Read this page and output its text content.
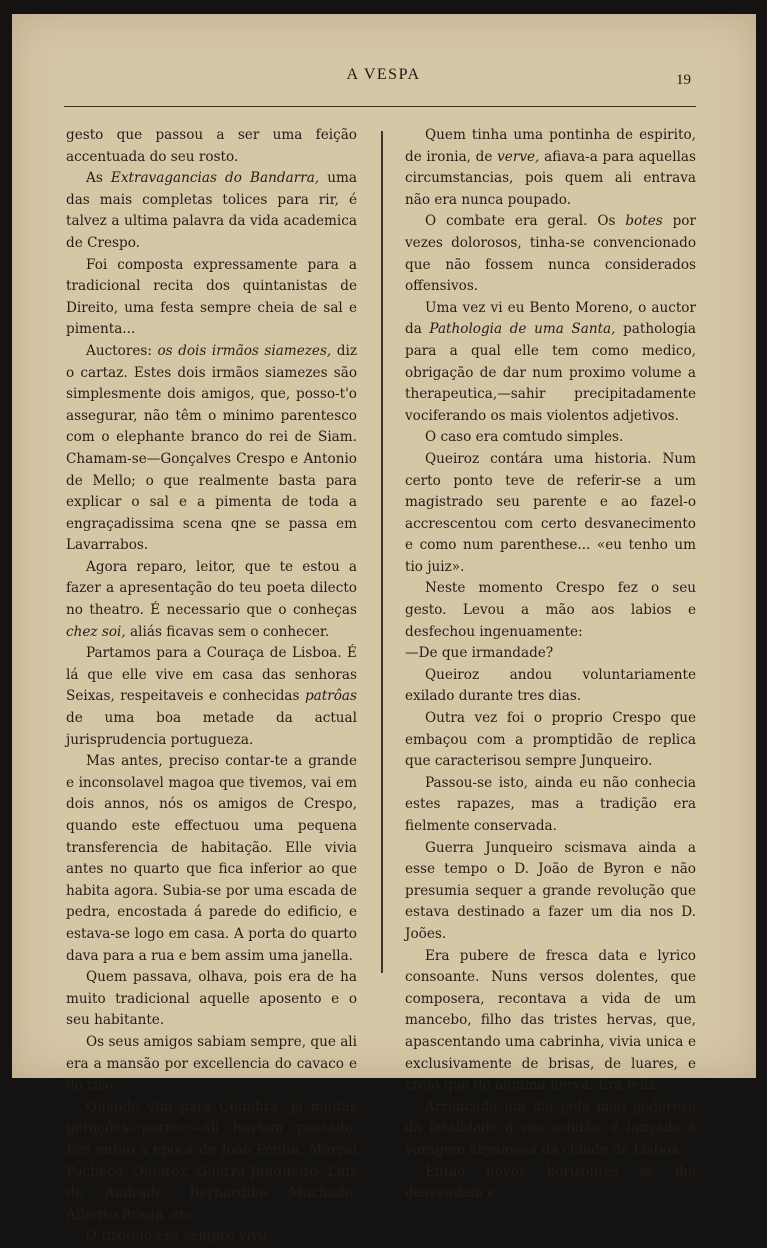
A VESPA	19

gesto que passou a ser uma feição accentuada do seu rosto.

As Extravagancias do Bandarra, uma das mais completas tolices para rir, é talvez a ultima palavra da vida academica de Crespo.

Foi composta expressamente para a tradicional recita dos quintanistas de Direito, uma festa sempre cheia de sal e pimenta...

Auctores: os dois irmãos siamezes, diz o cartaz. Estes dois irmãos siamezes são simplesmente dois amigos, que, posso-t'o assegurar, não têm o minimo parentesco com o elephante branco do rei de Siam. Chamam-se—Gonçalves Crespo e Antonio de Mello; o que realmente basta para explicar o sal e a pimenta de toda a engraçadissima scena qne se passa em Lavarrabos.

Agora reparo, leitor, que te estou a fazer a apresentação do teu poeta dilecto no theatro. É necessario que o conheças chez soi, aliás ficavas sem o conhecer.

Partamos para a Couraça de Lisboa. É lá que elle vive em casa das senhoras Seixas, respeitaveis e conhecidas patrôas de uma boa metade da actual jurisprudencia portugueza.

Mas antes, preciso contar-te a grande e inconsolavel magoa que tivemos, vai em dois annos, nós os amigos de Crespo, quando este effectuou uma pequena transferencia de habitação. Elle vivia antes no quarto que fica inferior ao que habita agora. Subia-se por uma escada de pedra, encostada á parede do edificio, e estava-se logo em casa. A porta do quarto dava para a rua e bem assim uma janella.

Quem passava, olhava, pois era de ha muito tradicional aquelle aposento e o seu habitante.

Os seus amigos sabiam sempre, que ali era a mansão por excellencia do cavaco e do riso.

Quando vim para Coimbra, já muitas gerações—parece—ali haviam passado. Era então a epoca de João Penha, Marçal Pacheco, Queiroz, Guerra Junqueiro, Luiz de Andrade, Bernardino Machado, Alberto Braga, etc.

O tiroteio era sempre vivo.

Quem tinha uma pontinha de espirito, de ironia, de verve, afiava-a para aquellas circumstancias, pois quem ali entrava não era nunca poupado.

O combate era geral. Os botes por vezes dolorosos, tinha-se convencionado que não fossem nunca considerados offensivos.

Uma vez vi eu Bento Moreno, o auctor da Pathologia de uma Santa, pathologia para a qual elle tem como medico, obrigação de dar num proximo volume a therapeutica,—sahir precipitadamente vociferando os mais violentos adjetivos.

O caso era comtudo simples.

Queiroz contára uma historia. Num certo ponto teve de referir-se a um magistrado seu parente e ao fazel-o accrescentou com certo desvanecimento e como num parenthese... «eu tenho um tio juiz».

Neste momento Crespo fez o seu gesto. Levou a mão aos labios e desfechou ingenuamente:

—De que irmandade?

Queiroz andou voluntariamente exilado durante tres dias.

Outra vez foi o proprio Crespo que embaçou com a promptidão de replica que caracterisou sempre Junqueiro.

Passou-se isto, ainda eu não conhecia estes rapazes, mas a tradição era fielmente conservada.

Guerra Junqueiro scismava ainda a esse tempo o D. João de Byron e não presumia sequer a grande revolução que estava destinado a fazer um dia nos D. Joões.

Era pubere de fresca data e lyrico consoante. Nuns versos dolentes, que composera, recontava a vida de um mancebo, filho das tristes hervas, que, apascentando uma cabrinha, vivia unica e exclusivamente de brisas, de luares, e creio que de alguma herva. Era feliz.

Arrancado um dia pela mão poderosa da fatalidade á sua solidão, é lançado á voragem abysmosa da cidade de Lisboa.

Então novos horisontes se lhe desvendam e
